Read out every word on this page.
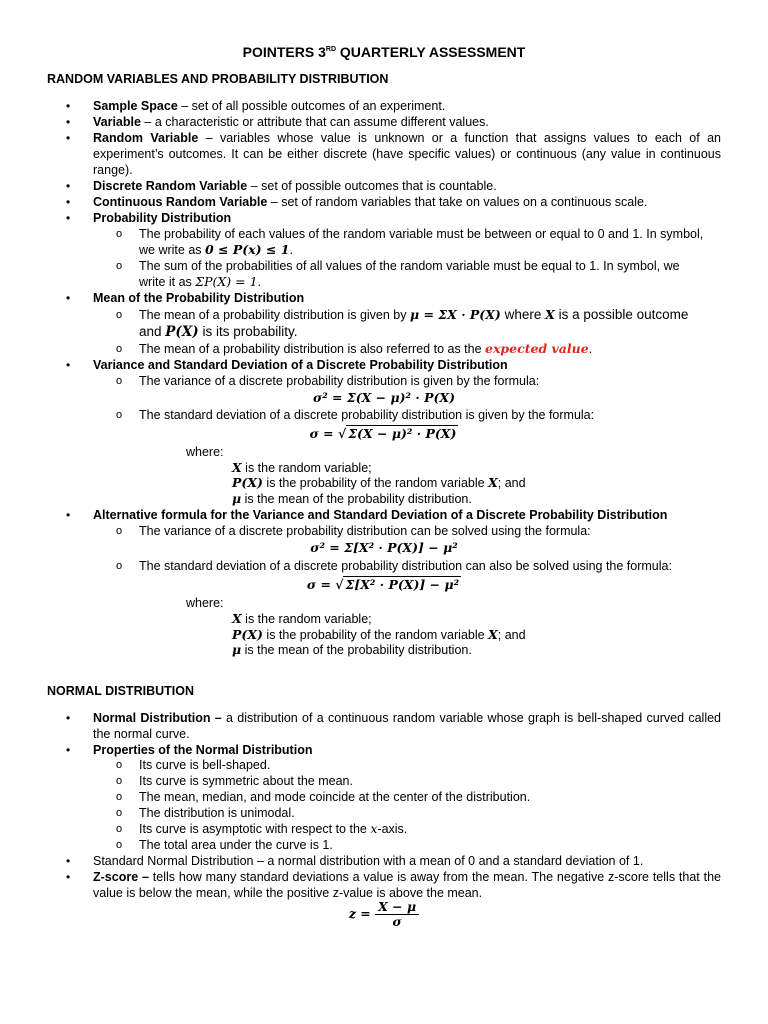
POINTERS 3RD QUARTERLY ASSESSMENT
RANDOM VARIABLES AND PROBABILITY DISTRIBUTION
• Sample Space – set of all possible outcomes of an experiment.
• Variable – a characteristic or attribute that can assume different values.
• Random Variable – variables whose value is unknown or a function that assigns values to each of an experiment’s outcomes. It can be either discrete (have specific values) or continuous (any value in continuous range).
• Discrete Random Variable – set of possible outcomes that is countable.
• Continuous Random Variable – set of random variables that take on values on a continuous scale.
• Probability Distribution
o The probability of each values of the random variable must be between or equal to 0 and 1. In symbol,
we write as 0 ≤ P(x) ≤ 1.
o The sum of the probabilities of all values of the random variable must be equal to 1. In symbol, we
write it as ΣP(X) = 1.
• Mean of the Probability Distribution
o The mean of a probability distribution is given by μ = ΣX · P(X) where X is a possible outcome
and P(X) is its probability.
o The mean of a probability distribution is also referred to as the expected value.
• Variance and Standard Deviation of a Discrete Probability Distribution
o The variance of a discrete probability distribution is given by the formula:
σ² = Σ(X − μ)² · P(X)
o The standard deviation of a discrete probability distribution is given by the formula:
σ = √ Σ(X − μ)² · P(X)
where:
X is the random variable;
P(X) is the probability of the random variable X; and
μ is the mean of the probability distribution.
• Alternative formula for the Variance and Standard Deviation of a Discrete Probability Distribution
o The variance of a discrete probability distribution can be solved using the formula:
σ² = Σ[X² · P(X)] − μ²
o The standard deviation of a discrete probability distribution can also be solved using the formula:
σ = √ Σ[X² · P(X)] − μ²
where:
X is the random variable;
P(X) is the probability of the random variable X; and
μ is the mean of the probability distribution.
NORMAL DISTRIBUTION
• Normal Distribution – a distribution of a continuous random variable whose graph is bell-shaped curved called the normal curve.
• Properties of the Normal Distribution
o Its curve is bell-shaped.
o Its curve is symmetric about the mean.
o The mean, median, and mode coincide at the center of the distribution.
o The distribution is unimodal.
o Its curve is asymptotic with respect to the x-axis.
o The total area under the curve is 1.
• Standard Normal Distribution – a normal distribution with a mean of 0 and a standard deviation of 1.
• Z-score – tells how many standard deviations a value is away from the mean. The negative z-score tells that the value is below the mean, while the positive z-value is above the mean.
$z = \frac{X - \mu}{\sigma}$
